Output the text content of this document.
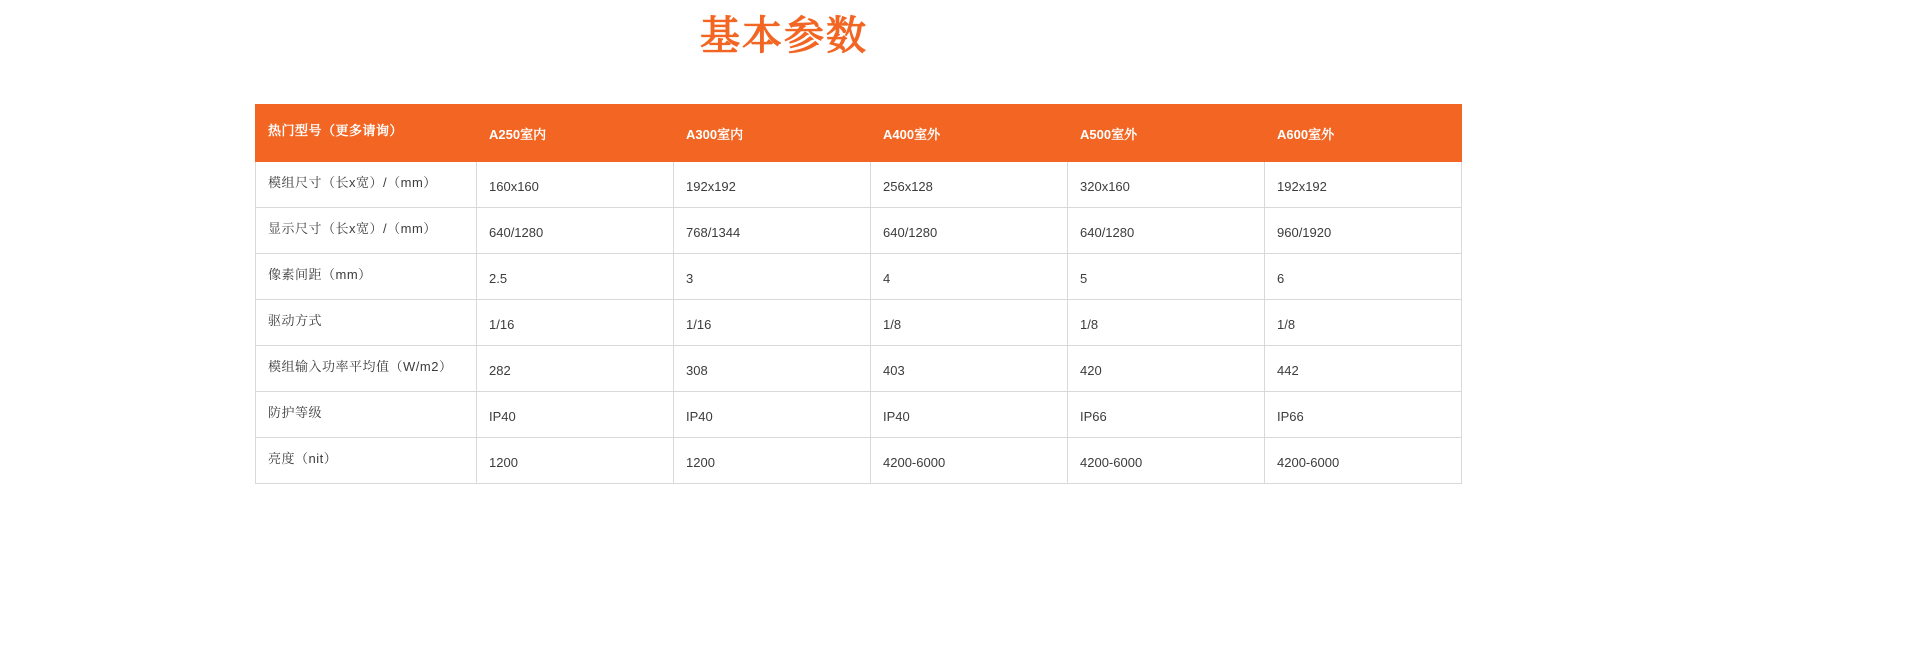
基本参数
热门型号（更多请询）	A250室内	A300室内	A400室外	A500室外	A600室外

模组尺寸（长x宽）/（mm）	160x160	192x192	256x128	320x160	192x192

显示尺寸（长x宽）/（mm）	640/1280	768/1344	640/1280	640/1280	960/1920

像素间距（mm）	2.5	3	4	5	6

驱动方式	1/16	1/16	1/8	1/8	1/8

模组输入功率平均值（W/m2）	282	308	403	420	442

防护等级	IP40	IP40	IP40	IP66	IP66

亮度（nit）	1200	1200	4200-6000	4200-6000	4200-6000
